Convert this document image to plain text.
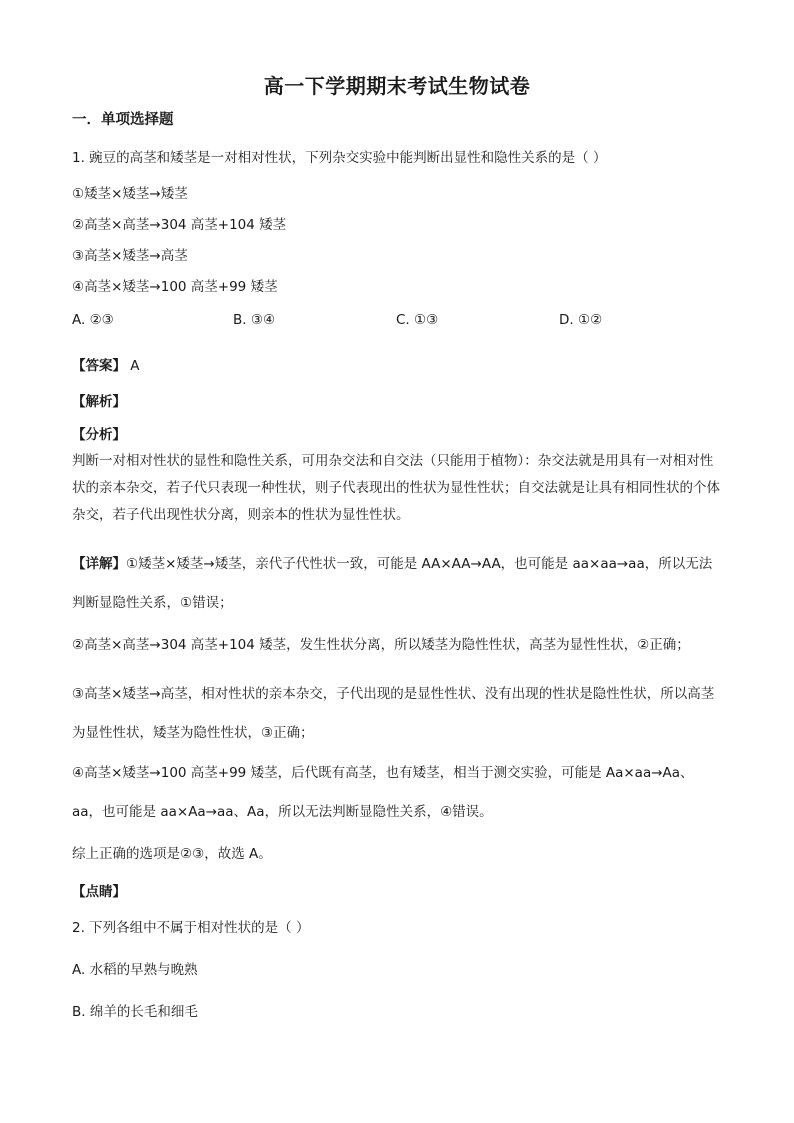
高一下学期期末考试生物试卷
一．单项选择题
1. 豌豆的高茎和矮茎是一对相对性状，下列杂交实验中能判断出显性和隐性关系的是（ ）
①矮茎×矮茎→矮茎
②高茎×高茎→304 高茎+104 矮茎
③高茎×矮茎→高茎
④高茎×矮茎→100 高茎+99 矮茎
A. ②③	B. ③④	C. ①③	D. ①②
【答案】 A
【解析】
【分析】
判断一对相对性状的显性和隐性关系，可用杂交法和自交法（只能用于植物）：杂交法就是用具有一对相对性状的亲本杂交，若子代只表现一种性状，则子代表现出的性状为显性性状；自交法就是让具有相同性状的个体杂交，若子代出现性状分离，则亲本的性状为显性性状。
【详解】①矮茎×矮茎→矮茎，亲代子代性状一致，可能是 AA×AA→AA，也可能是 aa×aa→aa，所以无法判断显隐性关系，①错误；
②高茎×高茎→304 高茎+104 矮茎，发生性状分离，所以矮茎为隐性性状，高茎为显性性状，②正确；
③高茎×矮茎→高茎，相对性状的亲本杂交，子代出现的是显性性状、没有出现的性状是隐性性状，所以高茎为显性性状，矮茎为隐性性状，③正确；
④高茎×矮茎→100 高茎+99 矮茎，后代既有高茎，也有矮茎，相当于测交实验，可能是 Aa×aa→Aa、aa，也可能是 aa×Aa→aa、Aa，所以无法判断显隐性关系，④错误。
综上正确的选项是②③，故选 A。
【点睛】
2. 下列各组中不属于相对性状的是（ ）
A. 水稻的早熟与晚熟
B. 绵羊的长毛和细毛
